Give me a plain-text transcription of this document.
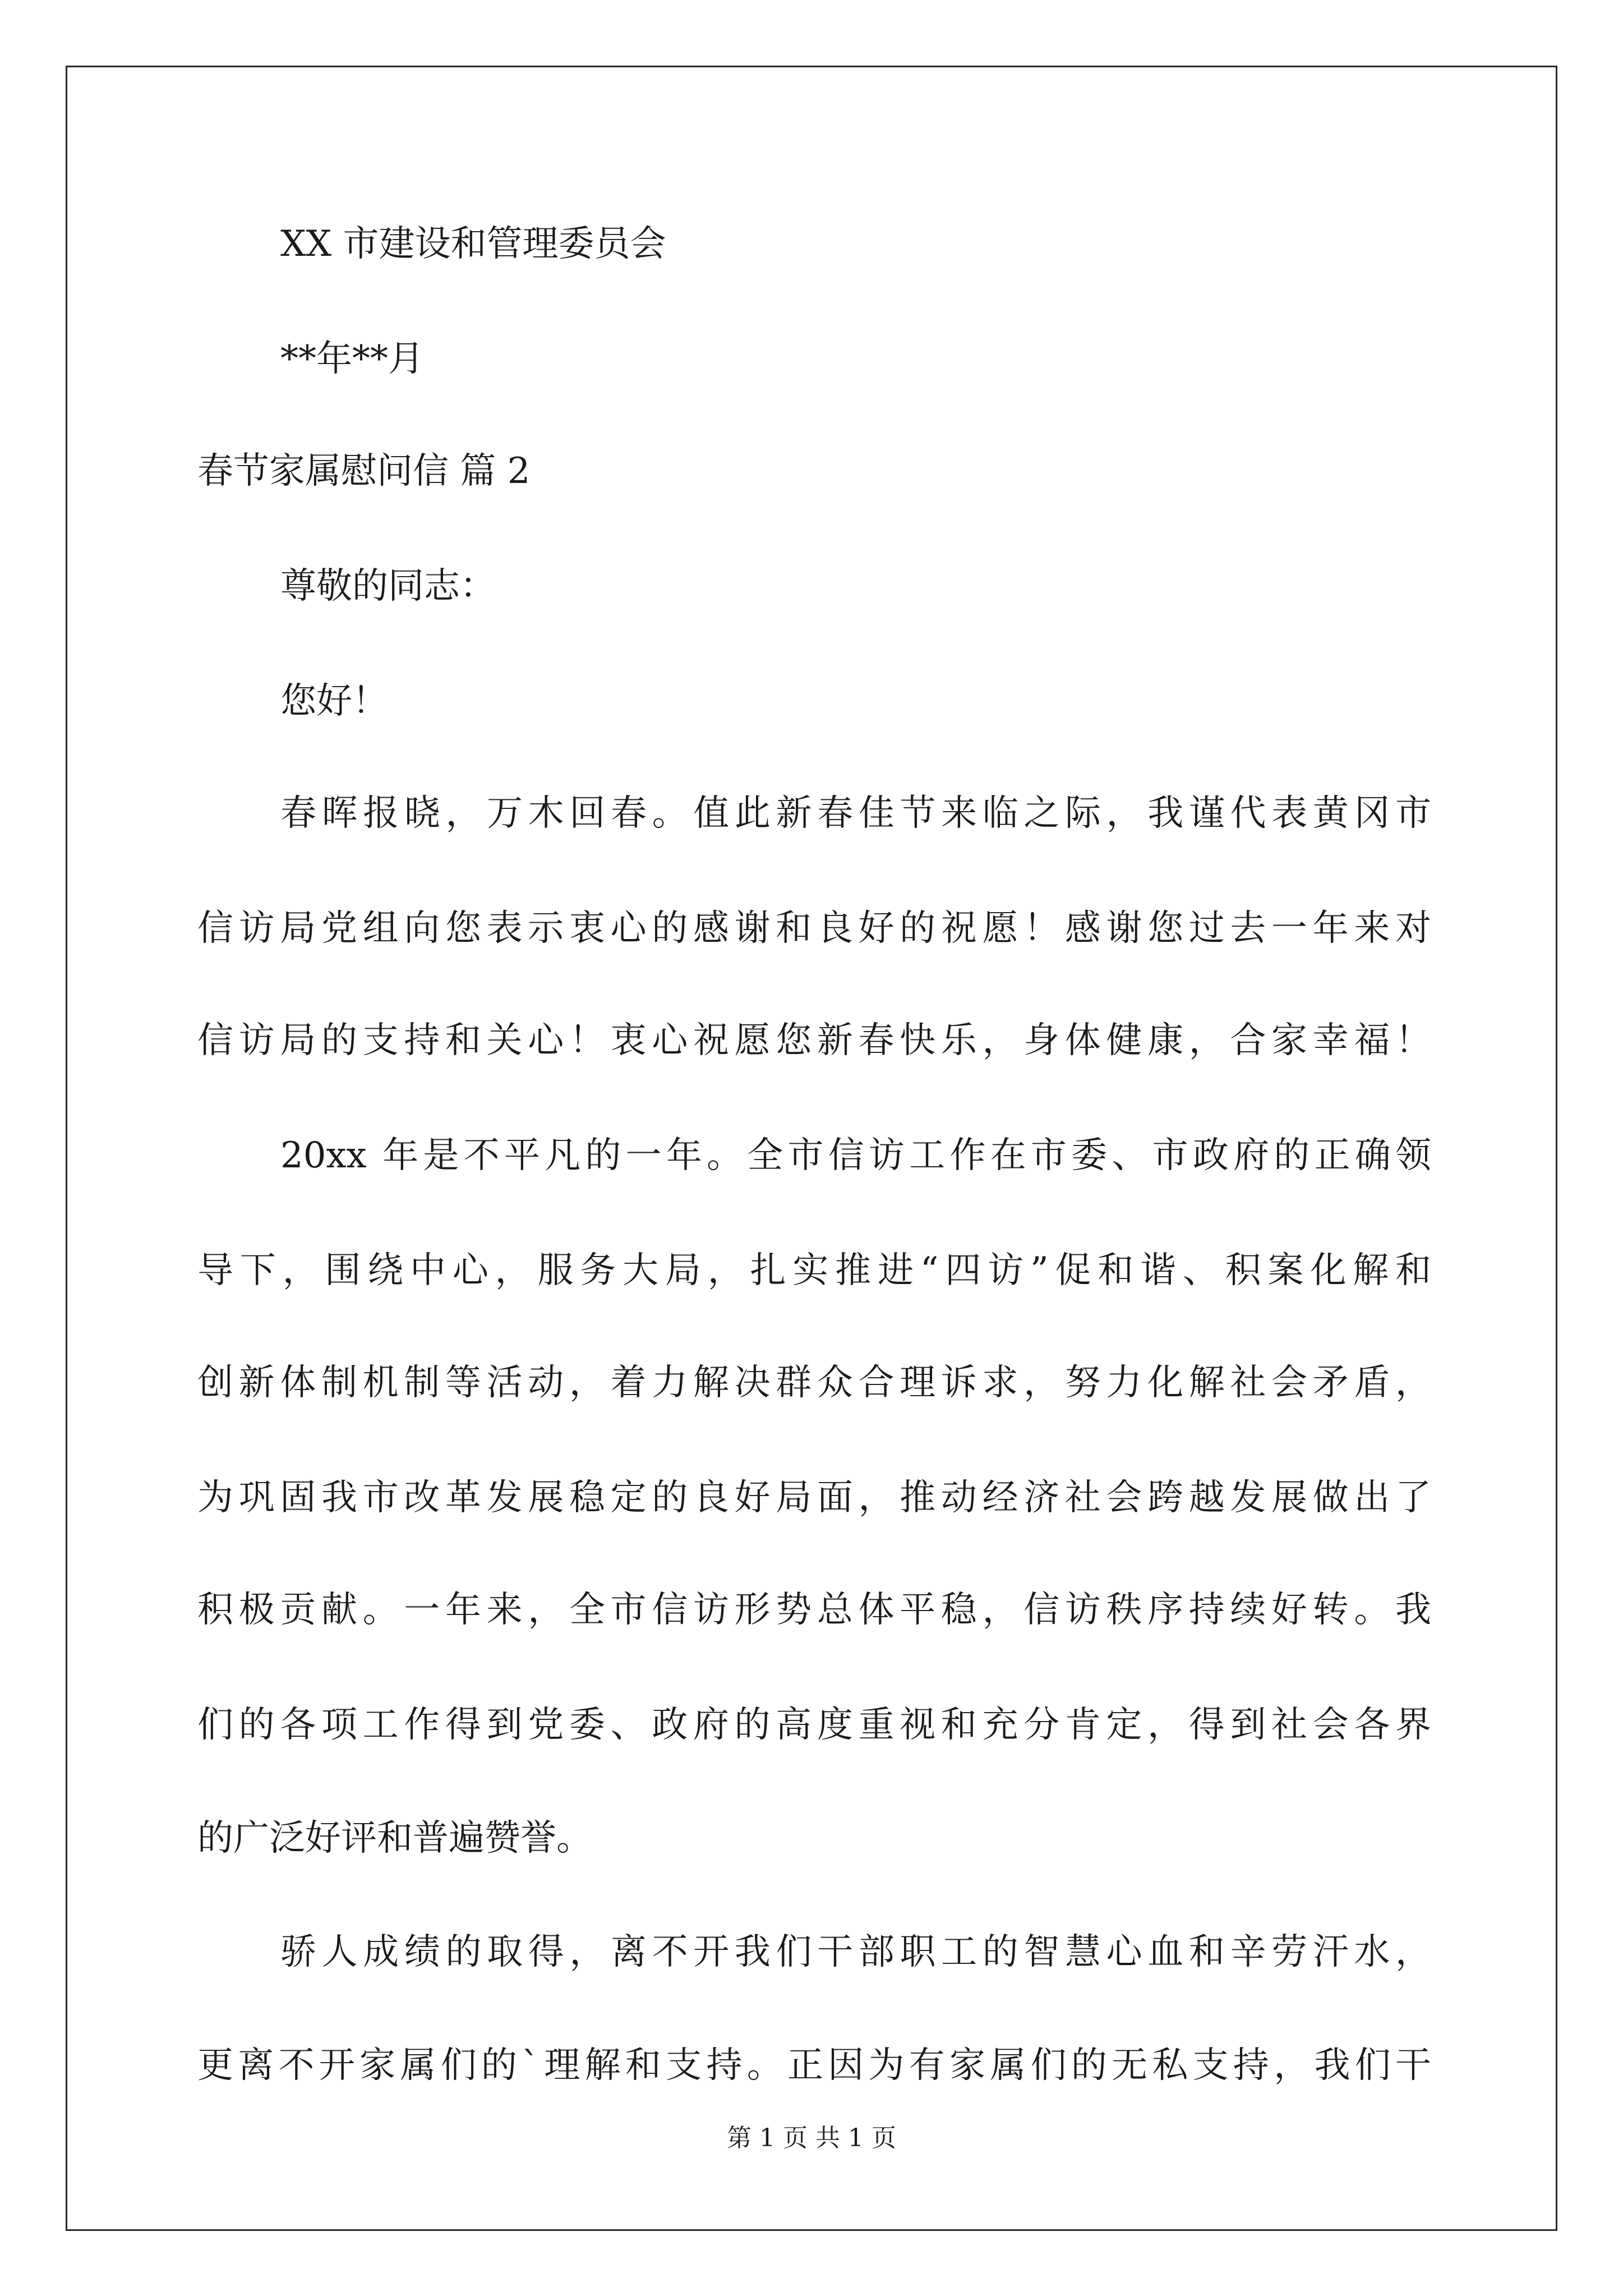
XX 市建设和管理委员会
**年**月
春节家属慰问信 篇 2
尊敬的同志：
您好！
春晖报晓，万木回春。值此新春佳节来临之际，我谨代表黄冈市
信访局党组向您表示衷心的感谢和良好的祝愿！感谢您过去一年来对
信访局的支持和关心！衷心祝愿您新春快乐，身体健康，合家幸福！
20xx 年是不平凡的一年。全市信访工作在市委、市政府的正确领
导下，围绕中心，服务大局，扎实推进“四访”促和谐、积案化解和
创新体制机制等活动，着力解决群众合理诉求，努力化解社会矛盾，
为巩固我市改革发展稳定的良好局面，推动经济社会跨越发展做出了
积极贡献。一年来，全市信访形势总体平稳，信访秩序持续好转。我
们的各项工作得到党委、政府的高度重视和充分肯定，得到社会各界
的广泛好评和普遍赞誉。
骄人成绩的取得，离不开我们干部职工的智慧心血和辛劳汗水，
更离不开家属们的`理解和支持。正因为有家属们的无私支持，我们干
第 1 页 共 1 页
